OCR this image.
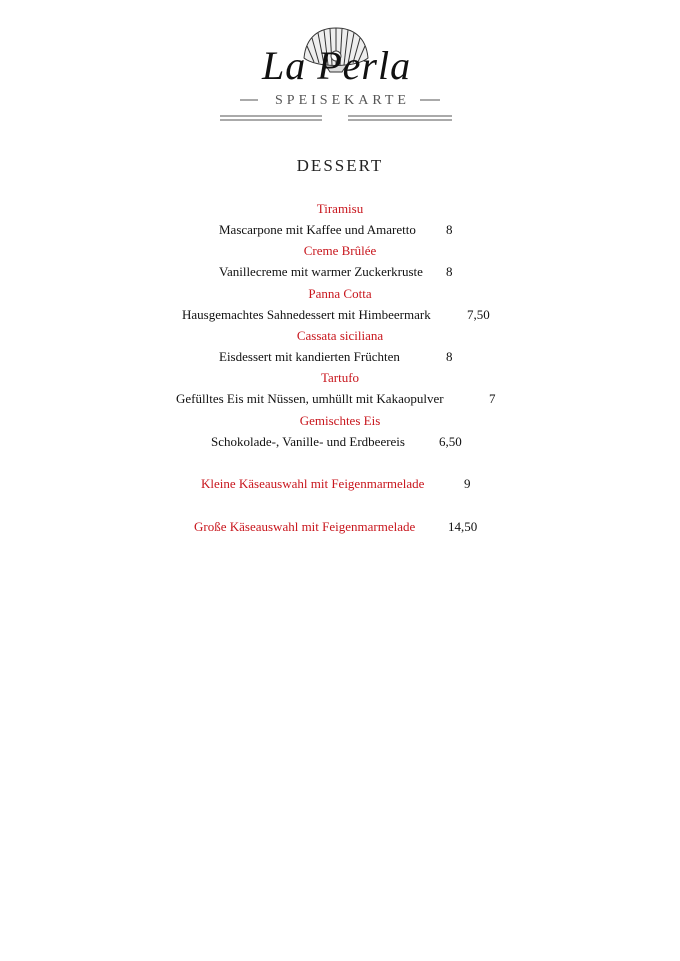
La Perla
SPEISEKARTE
DESSERT
Tiramisu
Mascarpone mit Kaffee und Amaretto 8
Creme Brûlée
Vanillecreme mit warmer Zuckerkruste 8
Panna Cotta
Hausgemachtes Sahnedessert mit Himbeermark	7,50
Cassata siciliana
Eisdessert mit kandierten Früchten	8
Tartufo
Gefülltes Eis mit Nüssen, umhüllt mit Kakaopulver	7
Gemischtes Eis
Schokolade-, Vanille- und Erdbeereis	6,50
Kleine Käseauswahl mit Feigenmarmelade	9
Große Käseauswahl mit Feigenmarmelade	14,50
